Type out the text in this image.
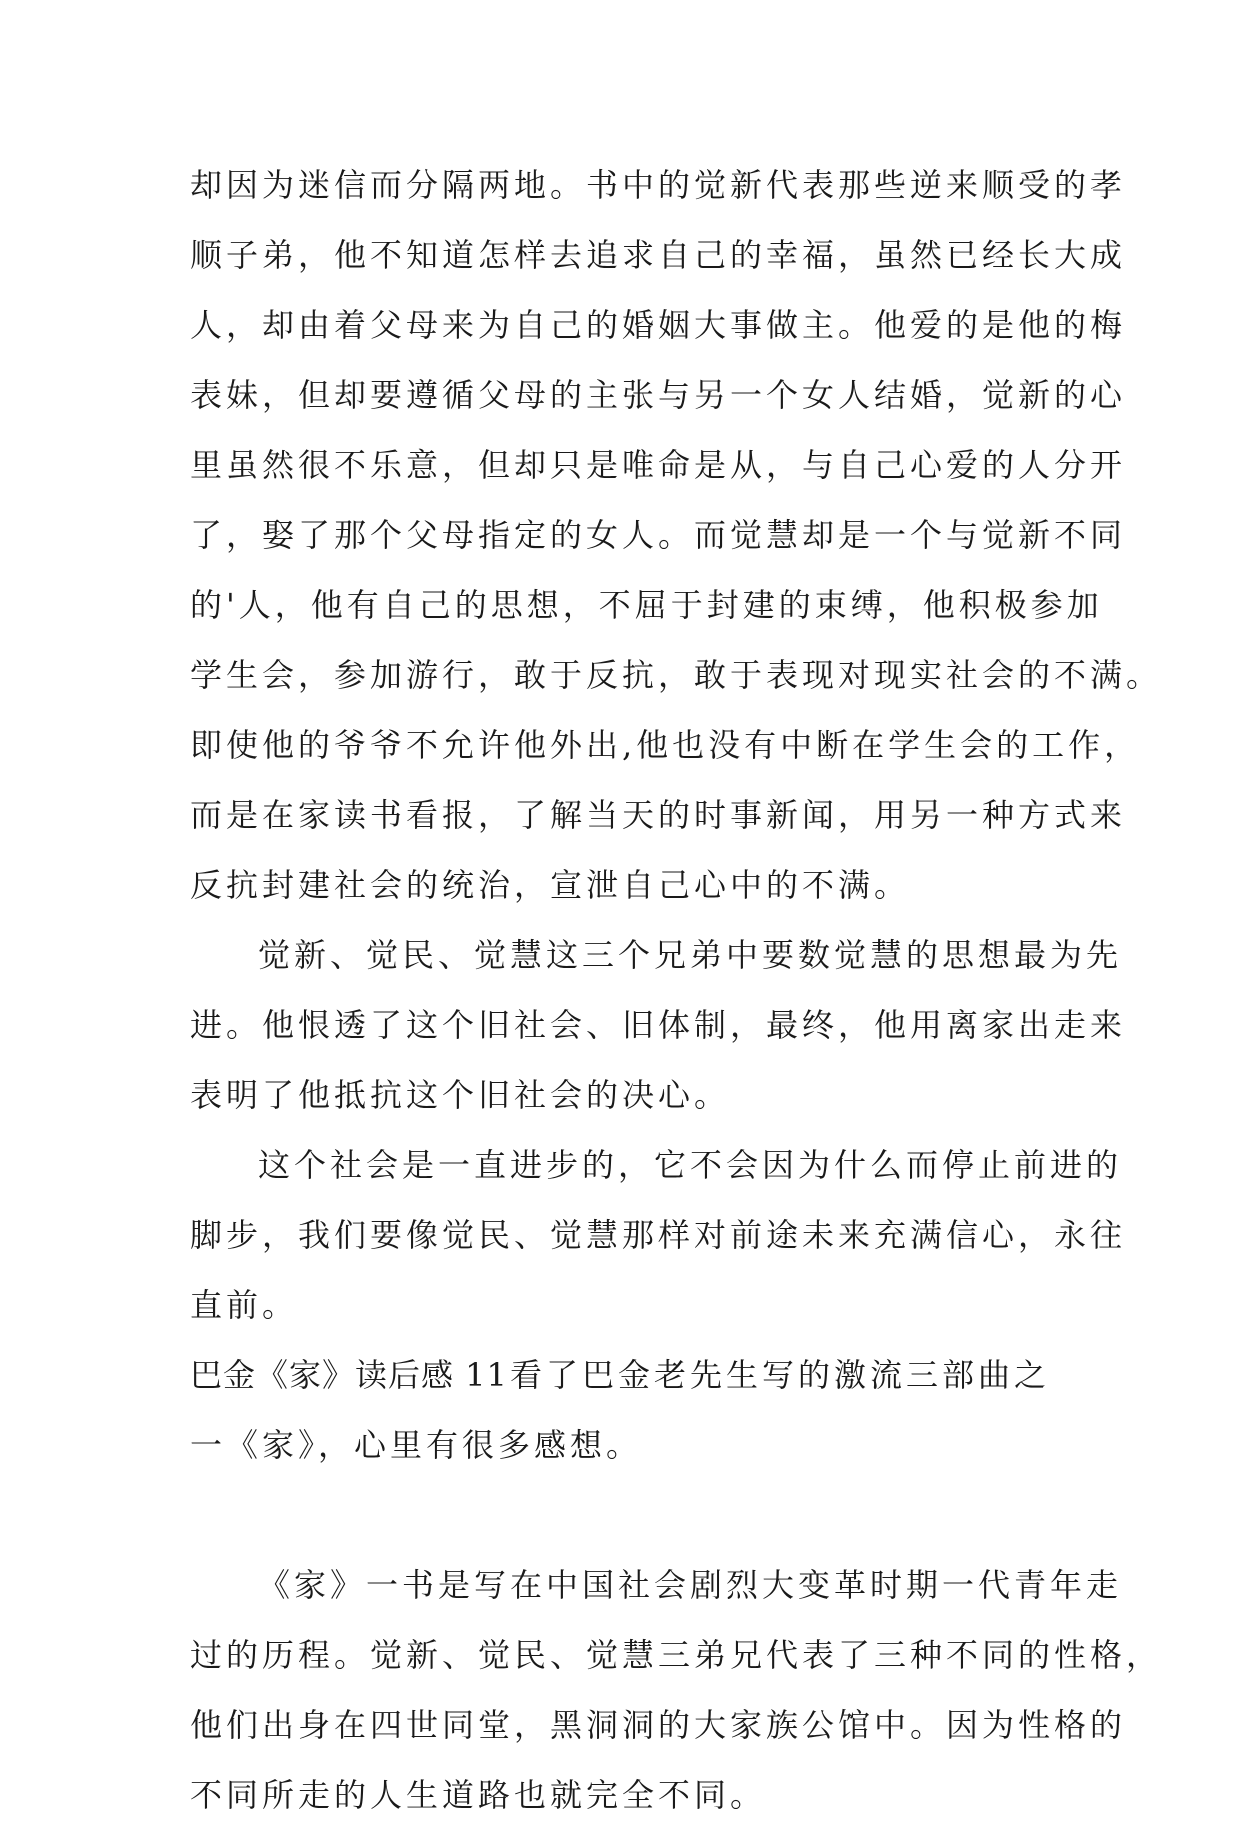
却因为迷信而分隔两地。书中的觉新代表那些逆来顺受的孝
顺子弟，他不知道怎样去追求自己的幸福，虽然已经长大成
人，却由着父母来为自己的婚姻大事做主。他爱的是他的梅
表妹，但却要遵循父母的主张与另一个女人结婚，觉新的心
里虽然很不乐意，但却只是唯命是从，与自己心爱的人分开
了，娶了那个父母指定的女人。而觉慧却是一个与觉新不同
的'人，他有自己的思想，不屈于封建的束缚，他积极参加
学生会，参加游行，敢于反抗，敢于表现对现实社会的不满。
即使他的爷爷不允许他外出,他也没有中断在学生会的工作，
而是在家读书看报，了解当天的时事新闻，用另一种方式来
反抗封建社会的统治，宣泄自己心中的不满。
觉新、觉民、觉慧这三个兄弟中要数觉慧的思想最为先
进。他恨透了这个旧社会、旧体制，最终，他用离家出走来
表明了他抵抗这个旧社会的决心。
这个社会是一直进步的，它不会因为什么而停止前进的
脚步，我们要像觉民、觉慧那样对前途未来充满信心，永往
直前。
巴金《家》读后感 11 看了巴金老先生写的激流三部曲之
一《家》，心里有很多感想。
《家》一书是写在中国社会剧烈大变革时期一代青年走
过的历程。觉新、觉民、觉慧三弟兄代表了三种不同的性格，
他们出身在四世同堂，黑洞洞的大家族公馆中。因为性格的
不同所走的人生道路也就完全不同。
